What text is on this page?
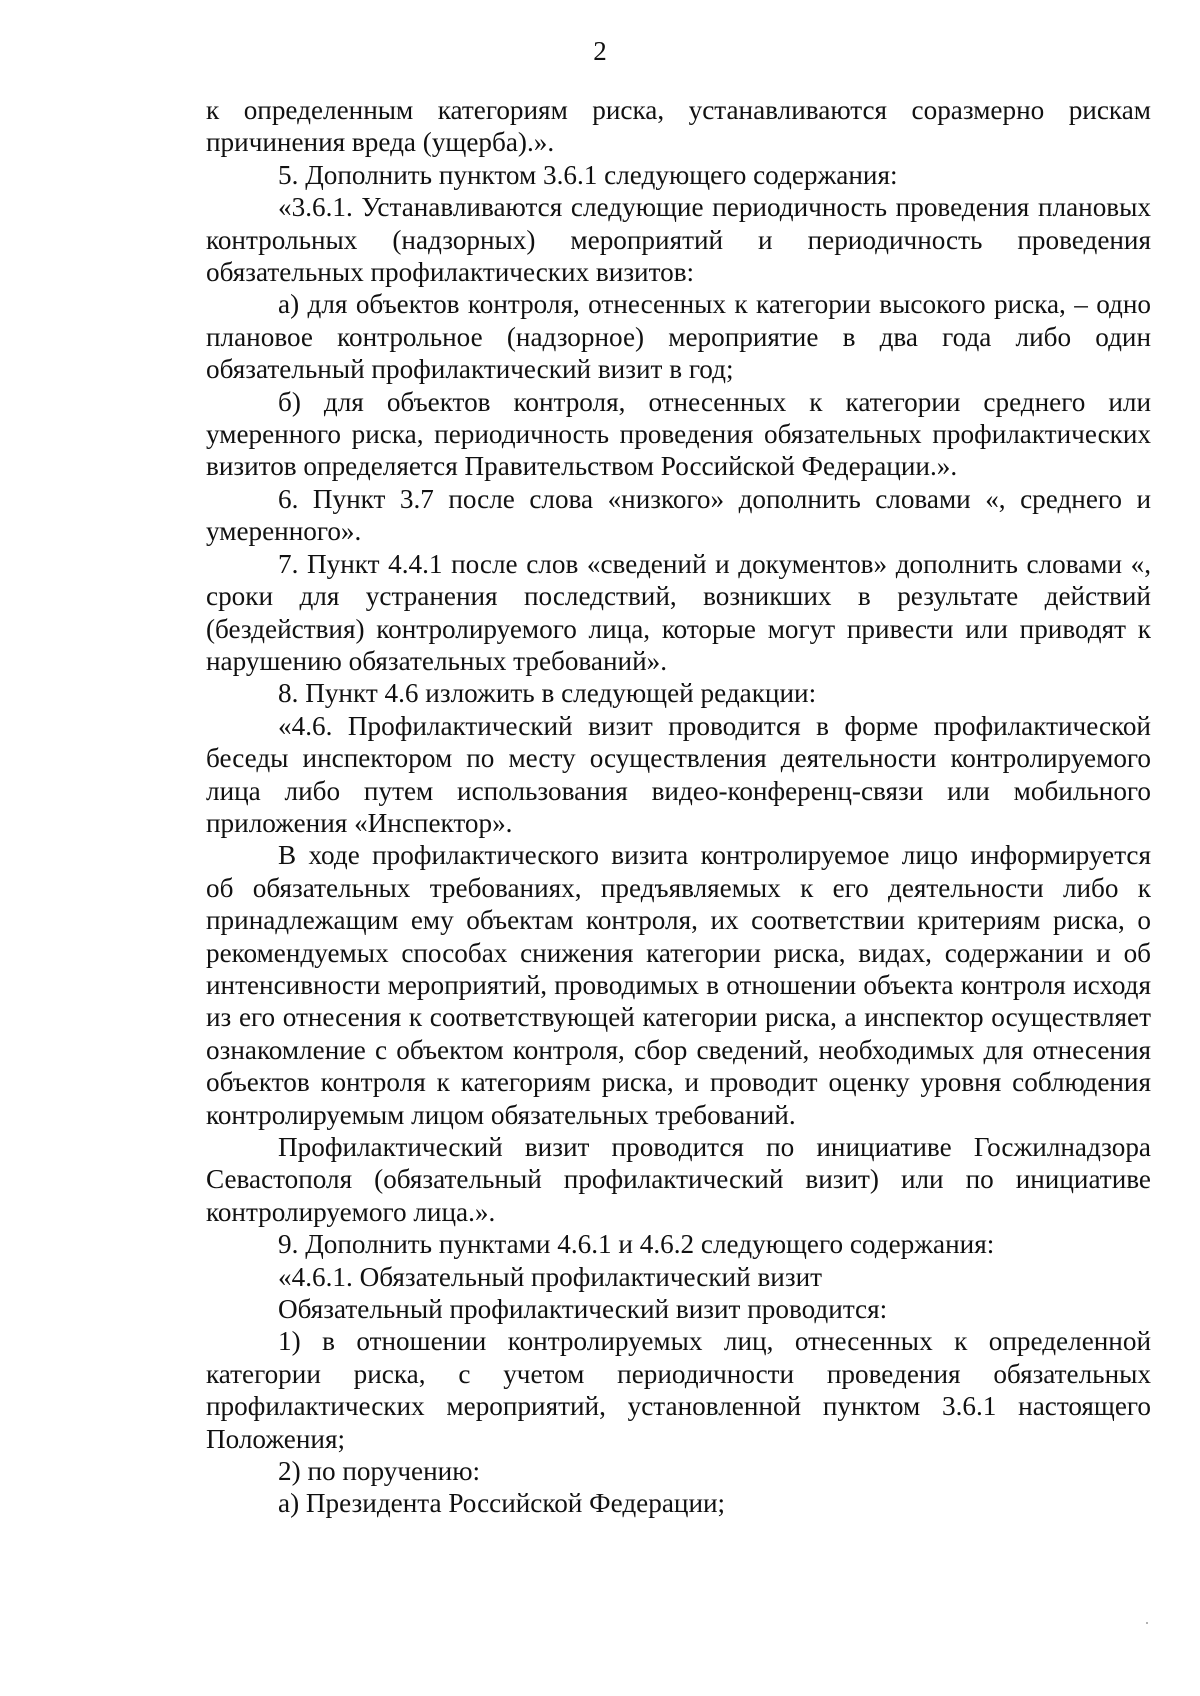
2

к определенным категориям риска, устанавливаются соразмерно рискам причинения вреда (ущерба).».

5. Дополнить пунктом 3.6.1 следующего содержания:

«3.6.1. Устанавливаются следующие периодичность проведения плановых контрольных (надзорных) мероприятий и периодичность проведения обязательных профилактических визитов:

а) для объектов контроля, отнесенных к категории высокого риска, – одно плановое контрольное (надзорное) мероприятие в два года либо один обязательный профилактический визит в год;

б) для объектов контроля, отнесенных к категории среднего или умеренного риска, периодичность проведения обязательных профилактических визитов определяется Правительством Российской Федерации.».

6. Пункт 3.7 после слова «низкого» дополнить словами «, среднего и умеренного».

7. Пункт 4.4.1 после слов «сведений и документов» дополнить словами «, сроки для устранения последствий, возникших в результате действий (бездействия) контролируемого лица, которые могут привести или приводят к нарушению обязательных требований».

8. Пункт 4.6 изложить в следующей редакции:

«4.6. Профилактический визит проводится в форме профилактической беседы инспектором по месту осуществления деятельности контролируемого лица либо путем использования видео-конференц-связи или мобильного приложения «Инспектор».

В ходе профилактического визита контролируемое лицо информируется об обязательных требованиях, предъявляемых к его деятельности либо к принадлежащим ему объектам контроля, их соответствии критериям риска, о рекомендуемых способах снижения категории риска, видах, содержании и об интенсивности мероприятий, проводимых в отношении объекта контроля исходя из его отнесения к соответствующей категории риска, а инспектор осуществляет ознакомление с объектом контроля, сбор сведений, необходимых для отнесения объектов контроля к категориям риска, и проводит оценку уровня соблюдения контролируемым лицом обязательных требований.

Профилактический визит проводится по инициативе Госжилнадзора Севастополя (обязательный профилактический визит) или по инициативе контролируемого лица.».

9. Дополнить пунктами 4.6.1 и 4.6.2 следующего содержания:

«4.6.1. Обязательный профилактический визит

Обязательный профилактический визит проводится:

1) в отношении контролируемых лиц, отнесенных к определенной категории риска, с учетом периодичности проведения обязательных профилактических мероприятий, установленной пунктом 3.6.1 настоящего Положения;

2) по поручению:

а) Президента Российской Федерации;
